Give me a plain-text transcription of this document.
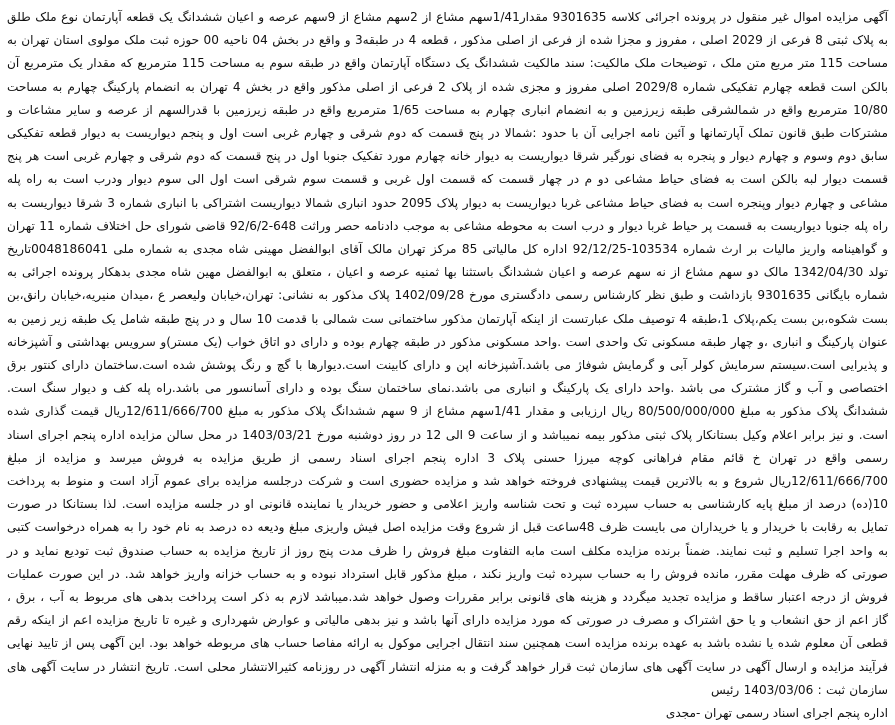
آگهی مزایده اموال غیر منقول در پرونده اجرائی کلاسه 9301635 مقدار1/41سهم مشاع از 2سهم مشاع از 9سهم عرصه و اعیان ششدانگ یک قطعه آپارتمان نوع ملک طلق به پلاک ثبتی 8 فرعی از 2029 اصلی ، مفروز و مجزا شده از فرعی از اصلی مذکور ، قطعه 4 در طبقه3 و واقع در بخش 04 ناحیه 00 حوزه ثبت ملک مولوی استان تهران به مساحت 115 متر مربع متن ملک ، توضیحات ملک مالکیت: سند مالکیت ششدانگ یک دستگاه آپارتمان واقع در طبقه سوم به مساحت 115 مترمربع که مقدار یک مترمربع آن بالکن است قطعه چهارم تفکیکی شماره 2029/8 اصلی مفروز و مجزی شده از پلاک 2 فرعی از اصلی مذکور واقع در بخش 4 تهران به انضمام پارکینگ چهارم به مساحت 10/80 مترمربع واقع در شمالشرقی طبقه زیرزمین و به انضمام انباری چهارم به مساحت 1/65 مترمربع واقع در طبقه زیرزمین با قدرالسهم از عرصه و سایر مشاعات و مشترکات طبق قانون تملک آپارتمانها و آئین نامه اجرایی آن با حدود :شمالا در پنج قسمت که دوم شرقی و چهارم غربی است اول و پنجم دیواریست به دیوار قطعه تفکیکی سابق دوم وسوم و چهارم دیوار و پنجره به فضای نورگیر شرقا دیواریست به دیوار خانه چهارم مورد تفکیک جنوبا اول در پنج قسمت که دوم شرقی و چهارم غربی است هر پنج قسمت دیوار لبه بالکن است به فضای حیاط مشاعی دو م در چهار قسمت که قسمت اول غربی و قسمت سوم شرقی است اول الی سوم دیوار ودرب است به راه پله مشاعی و چهارم دیوار وپنجره است به فضای حیاط مشاعی غربا دیواریست به دیوار پلاک 2095 حدود انباری شمالا دیواریست اشتراکی با انباری شماره 3 شرقا دیواریست به راه پله جنوبا دیواریست به قسمت پر حیاط غربا دیوار و درب است به محوطه مشاعی به موجب دادنامه حصر وراثت 648-92/6/2 قاضی شورای حل اختلاف شماره 11 تهران و گواهینامه واریز مالیات بر ارث شماره 103534-92/12/25 اداره کل مالیاتی 85 مرکز تهران مالک آقای ابوالفضل مهینی شاه مجدی به شماره ملی 0048186041تاریخ تولد 1342/04/30 مالک دو سهم مشاع از نه سهم عرصه و اعیان ششدانگ باستثنا بها ثمنیه عرصه و اعیان ، متعلق به ابوالفضل مهین شاه مجدی بدهکار پرونده اجرائی به شماره بایگانی 9301635 بازداشت و طبق نظر کارشناس رسمی دادگستری مورخ 1402/09/28 پلاک مذکور به نشانی: تهران،خیابان ولیعصر ع ،میدان منیریه،خیابان رانق،بن بست شکوه،بن بست یکم،پلاک 1،طبقه 4 توصیف ملک عبارتست از اینکه آپارتمان مذکور ساختمانی ست شمالی با قدمت 10 سال و در پنج طبقه شامل یک طبقه زیر زمین به عنوان پارکینگ و انباری ،و چهار طبقه مسکونی تک واحدی است .واحد مسکونی مذکور در طبقه چهارم بوده و دارای دو اتاق خواب (یک مستر)و سرویس بهداشتی و آشپزخانه و پذیرایی است.سیستم سرمایش کولر آبی و گرمایش شوفاژ می باشد.آشپزخانه اپن و دارای کابینت است.دیوارها با گچ و رنگ پوشش شده است.ساختمان دارای کنتور برق اختصاصی و آب و گاز مشترک می باشد .واحد دارای یک پارکینگ و انباری می باشد.نمای ساختمان سنگ بوده و دارای آسانسور می باشد.راه پله کف و دیوار سنگ است. ششدانگ پلاک مذکور به مبلغ 80/500/000/000 ریال ارزیابی و مقدار 1/41سهم مشاع از 9 سهم ششدانگ پلاک مذکور به مبلغ 12/611/666/700ریال قیمت گذاری شده است. و نیز برابر اعلام وکیل بستانکار پلاک ثبتی مذکور بیمه نمیباشد و از ساعت 9 الی 12 در روز دوشنبه مورخ 1403/03/21 در محل سالن مزایده اداره پنجم اجرای اسناد رسمی واقع در تهران خ قائم مقام فراهانی کوچه میرزا حسنی پلاک 3 اداره پنجم اجرای اسناد رسمی از طریق مزایده به فروش میرسد و مزایده از مبلغ 12/611/666/700ریال شروع و به بالاترین قیمت پیشنهادی فروخته خواهد شد و مزایده حضوری است و شرکت درجلسه مزایده برای عموم آزاد است و منوط به پرداخت 10(ده) درصد از مبلغ پایه کارشناسی به حساب سپرده ثبت و تحت شناسه واریز اعلامی و حضور خریدار یا نماینده قانونی او در جلسه مزایده است. لذا بستانکا در صورت تمایل به رقابت با خریدار و یا خریداران می بایست ظرف 48ساعت قبل از شروع وقت مزایده اصل فیش واریزی مبلغ ودیعه ده درصد به نام خود را به همراه درخواست کتبی به واحد اجرا تسلیم و ثبت نمایند. ضمناً برنده مزایده مکلف است مابه التفاوت مبلغ فروش را ظرف مدت پنج روز از تاریخ مزایده به حساب صندوق ثبت تودیع نماید و در صورتی که ظرف مهلت مقرر، مانده فروش را به حساب سپرده ثبت واریز نکند ، مبلغ مذکور قابل استرداد نبوده و به حساب خزانه واریز خواهد شد. در این صورت عملیات فروش از درجه اعتبار ساقط و مزایده تجدید میگردد و هزینه های قانونی برابر مقررات وصول خواهد شد.میباشد لازم به ذکر است پرداخت بدهی های مربوط به آب ، برق ، گاز اعم از حق انشعاب و یا حق اشتراک و مصرف در صورتی که مورد مزایده دارای آنها باشد و نیز بدهی مالیاتی و عوارض شهرداری و غیره تا تاریخ مزایده اعم از اینکه رقم قطعی آن معلوم شده یا نشده باشد به عهده برنده مزایده است همچنین سند انتقال اجرایی موکول به ارائه مفاصا حساب های مربوطه خواهد بود. این آگهی پس از تایید نهایی فرآیند مزایده و ارسال آگهی در سایت آگهی های سازمان ثبت قرار خواهد گرفت و به منزله انتشار آگهی در روزنامه کثیرالانتشار محلی است. تاریخ انتشار در سایت آگهی های سازمان ثبت : 1403/03/06 رئیس

اداره پنجم اجرای اسناد رسمی تهران -مجدی
